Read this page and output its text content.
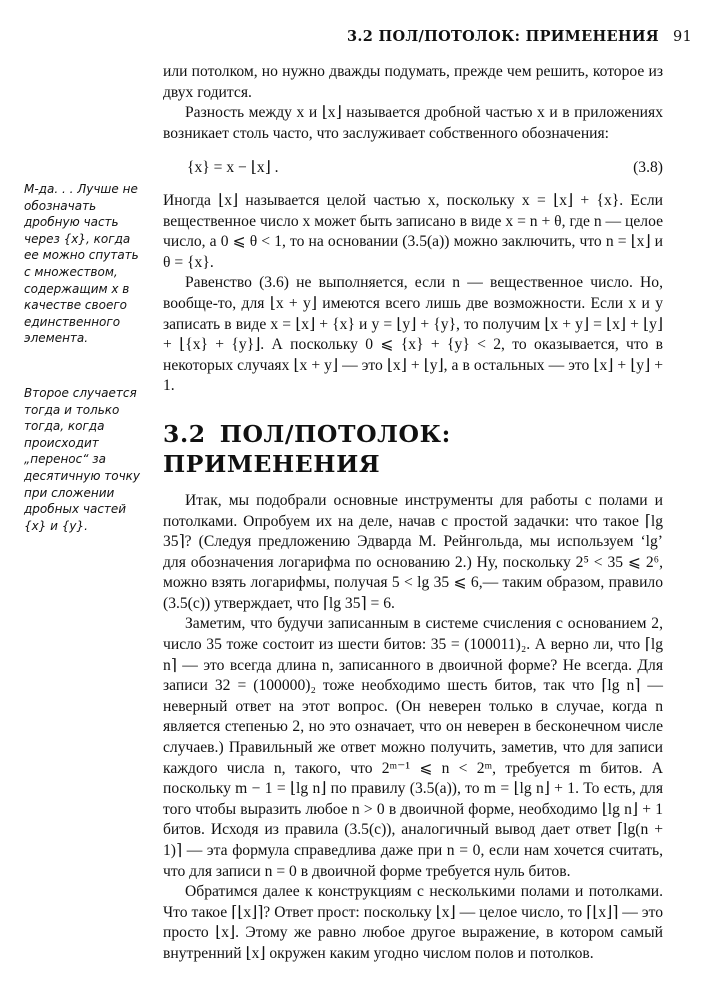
3.2 ПОЛ/ПОТОЛОК: ПРИМЕНЕНИЯ 91
М-да. . . Лучше не обозначать дробную часть через {x}, когда ее можно спутать с множеством, содержащим x в качестве своего единственного элемента.
Второе случается тогда и только тогда, когда происходит „перенос“ за десятичную точку при сложении дробных частей {x} и {y}.

или потолком, но нужно дважды подумать, прежде чем решить, которое из двух годится.

Разность между x и ⌊x⌋ называется дробной частью x и в приложениях возникает столь часто, что заслуживает собственного обозначения:

{x} = x − ⌊x⌋ .	(3.8)

Иногда ⌊x⌋ называется целой частью x, поскольку x = ⌊x⌋ + {x}. Если вещественное число x может быть записано в виде x = n + θ, где n — целое число, а 0 ⩽ θ < 1, то на основании (3.5(a)) можно заключить, что n = ⌊x⌋ и θ = {x}.

Равенство (3.6) не выполняется, если n — вещественное число. Но, вообще-то, для ⌊x + y⌋ имеются всего лишь две возможности. Если x и y записать в виде x = ⌊x⌋ + {x} и y = ⌊y⌋ + {y}, то получим ⌊x + y⌋ = ⌊x⌋ + ⌊y⌋ + ⌊{x} + {y}⌋. А поскольку 0 ⩽ {x} + {y} < 2, то оказывается, что в некоторых случаях ⌊x + y⌋ — это ⌊x⌋ + ⌊y⌋, а в остальных — это ⌊x⌋ + ⌊y⌋ + 1.

3.2 ПОЛ/ПОТОЛОК: ПРИМЕНЕНИЯ

Итак, мы подобрали основные инструменты для работы с полами и потолками. Опробуем их на деле, начав с простой задачки: что такое ⌈lg 35⌉? (Следуя предложению Эдварда М. Рейнгольда, мы используем ‘lg’ для обозначения логарифма по основанию 2.) Ну, поскольку 2⁵ < 35 ⩽ 2⁶, можно взять логарифмы, получая 5 < lg 35 ⩽ 6,— таким образом, правило (3.5(c)) утверждает, что ⌈lg 35⌉ = 6.

Заметим, что будучи записанным в системе счисления с основанием 2, число 35 тоже состоит из шести битов: 35 = (100011)₂. А верно ли, что ⌈lg n⌉ — это всегда длина n, записанного в двоичной форме? Не всегда. Для записи 32 = (100000)₂ тоже необходимо шесть битов, так что ⌈lg n⌉ — неверный ответ на этот вопрос. (Он неверен только в случае, когда n является степенью 2, но это означает, что он неверен в бесконечном числе случаев.) Правильный же ответ можно получить, заметив, что для записи каждого числа n, такого, что 2ᵐ⁻¹ ⩽ n < 2ᵐ, требуется m битов. А поскольку m − 1 = ⌊lg n⌋ по правилу (3.5(a)), то m = ⌊lg n⌋ + 1. То есть, для того чтобы выразить любое n > 0 в двоичной форме, необходимо ⌊lg n⌋ + 1 битов. Исходя из правила (3.5(c)), аналогичный вывод дает ответ ⌈lg(n + 1)⌉ — эта формула справедлива даже при n = 0, если нам хочется считать, что для записи n = 0 в двоичной форме требуется нуль битов.

Обратимся далее к конструкциям с несколькими полами и потолками. Что такое ⌈⌊x⌋⌉? Ответ прост: поскольку ⌊x⌋ — целое число, то ⌈⌊x⌋⌉ — это просто ⌊x⌋. Этому же равно любое другое выражение, в котором самый внутренний ⌊x⌋ окружен каким угодно числом полов и потолков.
